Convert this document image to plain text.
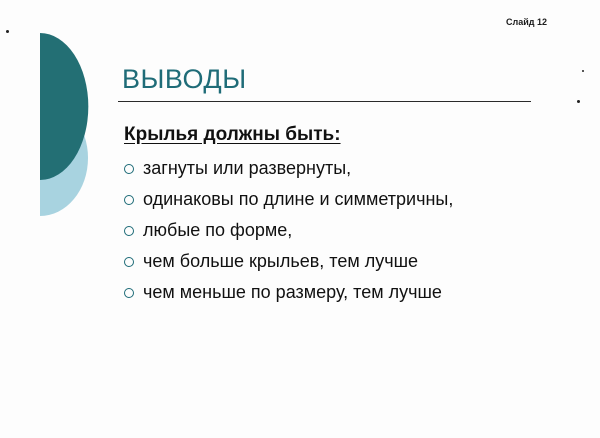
Слайд 12
ВЫВОДЫ
Крылья должны быть:
загнуты или развернуты,
одинаковы по длине и симметричны,
любые по форме,
чем больше крыльев, тем лучше
чем меньше по размеру, тем лучше
